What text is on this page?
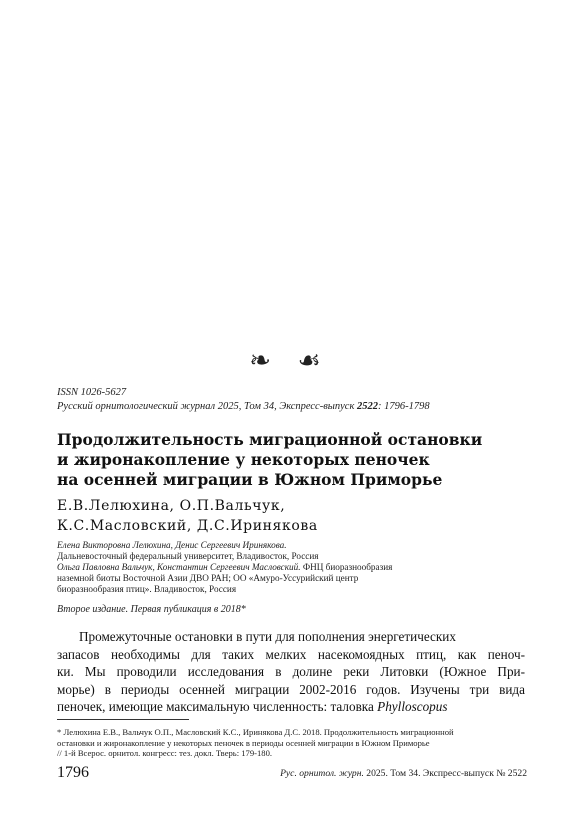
❧ ☙
ISSN 1026-5627
Русский орнитологический журнал 2025, Том 34, Экспресс-выпуск 2522: 1796-1798
Продолжительность миграционной остановки
и жиронакопление у некоторых пеночек
на осенней миграции в Южном Приморье
Е.В.Лелюхина, О.П.Вальчук,
К.С.Масловский, Д.С.Иринякова
Елена Викторовна Лелюхина, Денис Сергеевич Иринякова.
Дальневосточный федеральный университет, Владивосток, Россия
Ольга Павловна Вальчук, Константин Сергеевич Масловский. ФНЦ биоразнообразия
наземной биоты Восточной Азии ДВО РАН; ОО «Амуро-Уссурийский центр
биоразнообразия птиц». Владивосток, Россия
Второе издание. Первая публикация в 2018*
Промежуточные остановки в пути для пополнения энергетических
запасов необходимы для таких мелких насекомоядных птиц, как пеноч-
ки. Мы проводили исследования в долине реки Литовки (Южное При-
морье) в периоды осенней миграции 2002-2016 годов. Изучены три вида
пеночек, имеющие максимальную численность: таловка Phylloscopus
* Лелюхина Е.В., Вальчук О.П., Масловский К.С., Иринякова Д.С. 2018. Продолжительность миграционной
остановки и жиронакопление у некоторых пеночек в периоды осенней миграции в Южном Приморье
// 1-й Всерос. орнитол. конгресс: тез. докл. Тверь: 179-180.
1796	Рус. орнитол. журн. 2025. Том 34. Экспресс-выпуск № 2522
